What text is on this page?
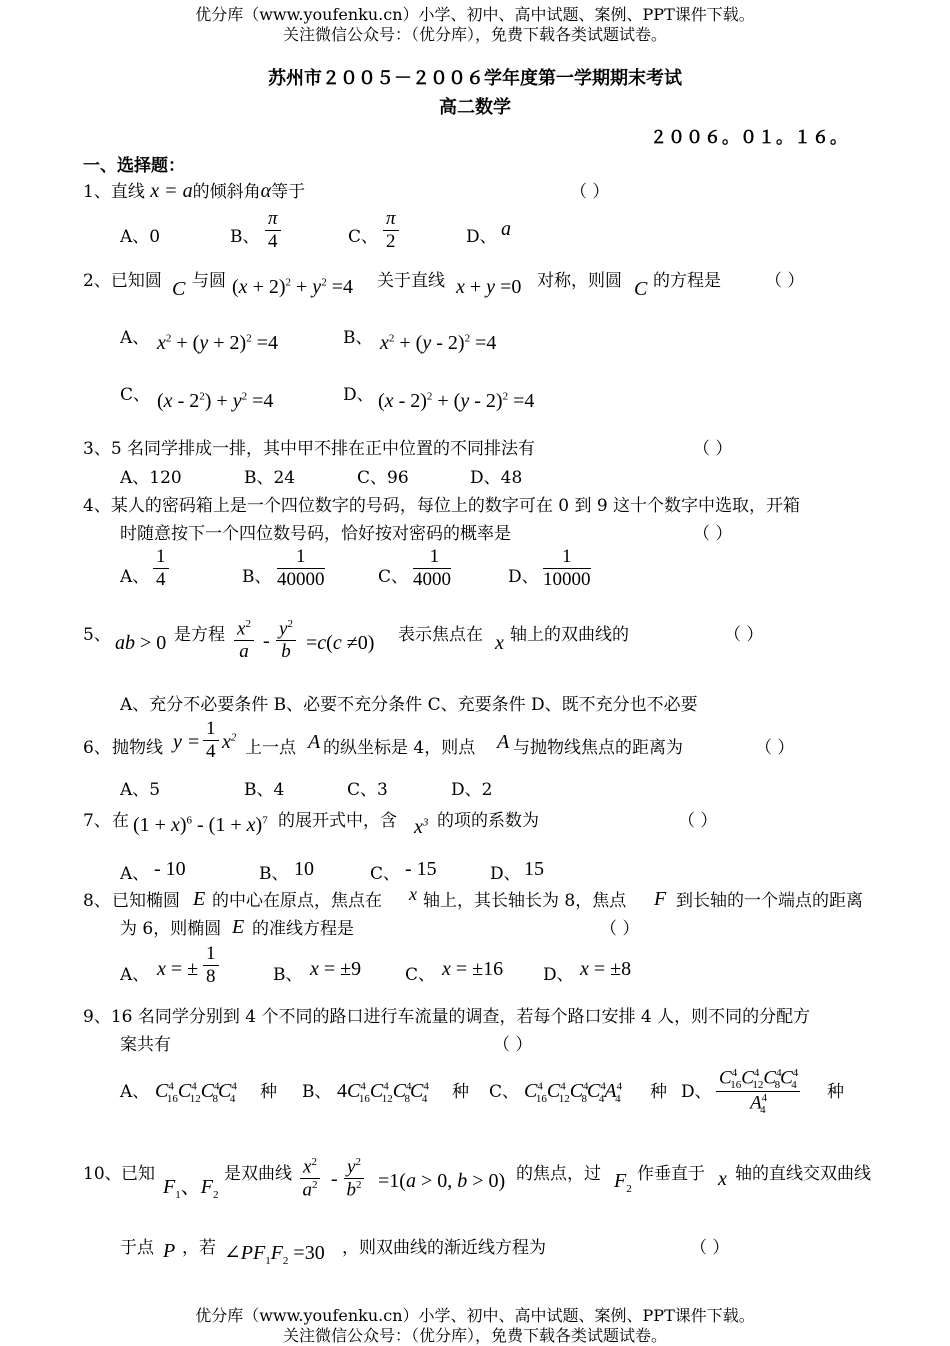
优分库（www.youfenku.cn）小学、初中、高中试题、案例、PPT课件下载。
关注微信公众号：（优分库），免费下载各类试题试卷。
苏州市２００５－２００６学年度第一学期期末考试
高二数学
２００６。０１。１６。
一、选择题：
1、直线 x = a的倾斜角α等于	（ ）
A、0	B、 $\frac{\pi}{4}$	C、 $\frac{\pi}{2}$	D、 a
2、已知圆 C 与圆 $(x + 2)^2 + y^2 =4$ 关于直线 x + y =0 对称，则圆 C 的方程是	（ ）
A、 $x^2 + (y + 2)^2 =4$	B、 $x^2 + (y - 2)^2 =4$
C、 $(x - 2^2) + y^2 =4$	D、 (x - 2)$^2$ + (y - 2)$^2$ =4
3、5 名同学排成一排，其中甲不排在正中位置的不同排法有	（ ）
A、120	B、24	C、96	D、48
4、某人的密码箱上是一个四位数字的号码，每位上的数字可在 0 到 9 这十个数字中选取，开箱
时随意按下一个四位数号码，恰好按对密码的概率是	（ ）
A、 $\frac{1}{4}$	B、 $\frac{1}{40000}$	C、 $\frac{1}{4000}$	D、 $\frac{1}{10000}$
5、 ab > 0 是方程 $\frac{x^2}{a} - \frac{y^2}{b} =c(c \ne 0)$ 表示焦点在 x 轴上的双曲线的	（ ）
A、充分不必要条件 B、必要不充分条件 C、充要条件 D、既不充分也不必要
6、 抛物线 $y = \frac{1}{4} x^2$
上一点 A 的纵坐标是 4，则点 A 与抛物线焦点的距离为	（ ）
A、5	B、4	C、3	D、2
7、 在 $(1 + x)^6 - (1 + x)^7$ 的展开式中，含 $x^3$ 的项的系数为	（ ）
A、 - 10	B、 10	C、 - 15	D、 15
8、 已知椭圆 E 的中心在原点，焦点在 x 轴上，其长轴长为 8，焦点 F 到长轴的一个端点的距离
为 6，则椭圆 E 的准线方程是	（ ）
A、 x = ± $\frac{1}{8}$	B、 x = ±9	C、 x = ±16 D、 x = ±8
9、16 名同学分别到 4 个不同的路口进行车流量的调查，若每个路口安排 4 人，则不同的分配方
案共有	（ ）
A、 $C^4_{16}C^4_{12}C^4_8C^4_4$ 种 B、 $4C^4_{16}C^4_{12}C^4_8C^4_4$ 种 C、 $C^4_{16}C^4_{12}C^4_8C^4_4A^4_4$ 种 D、 $\frac{C^4_{16}C^4_{12}C^4_8C^4_4}{A^4_4}$ 种
10、 已知
$F_1$、$F_2$
是双曲线 $\frac{x^2}{a^2} - \frac{y^2}{b^2} =1(a > 0$, b > 0) 的焦点，过 $F_2$
作垂直于 x 轴的直线交双曲线
于点 P ，若 $\angle PF_1F_2 =30$ ，则双曲线的渐近线方程为	（ ）
优分库（www.youfenku.cn）小学、初中、高中试题、案例、PPT课件下载。
关注微信公众号：（优分库），免费下载各类试题试卷。
